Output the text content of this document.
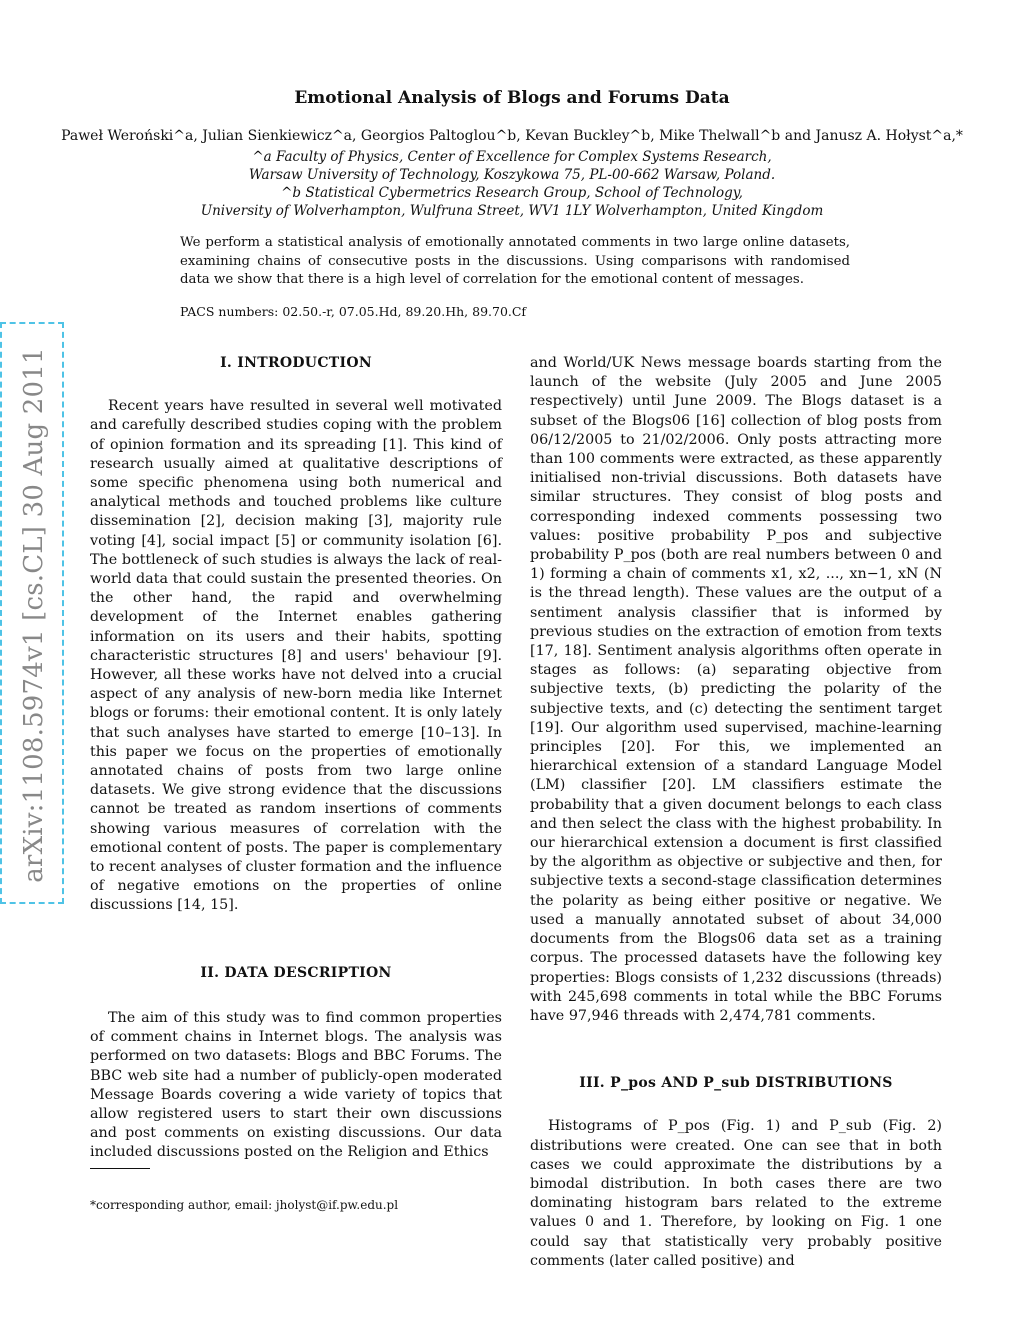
Emotional Analysis of Blogs and Forums Data
Paweł Weroński^a, Julian Sienkiewicz^a, Georgios Paltoglou^b, Kevan Buckley^b, Mike Thelwall^b and Janusz A. Hołyst^a,*
^a Faculty of Physics, Center of Excellence for Complex Systems Research,
Warsaw University of Technology, Koszykowa 75, PL-00-662 Warsaw, Poland.
^b Statistical Cybermetrics Research Group, School of Technology,
University of Wolverhampton, Wulfruna Street, WV1 1LY Wolverhampton, United Kingdom
We perform a statistical analysis of emotionally annotated comments in two large online datasets, examining chains of consecutive posts in the discussions. Using comparisons with randomised data we show that there is a high level of correlation for the emotional content of messages.
PACS numbers: 02.50.-r, 07.05.Hd, 89.20.Hh, 89.70.Cf
arXiv:1108.5974v1 [cs.CL] 30 Aug 2011	I. INTRODUCTION

Recent years have resulted in several well motivated and carefully described studies coping with the problem of opinion formation and its spreading [1]. This kind of research usually aimed at qualitative descriptions of some specific phenomena using both numerical and analytical methods and touched problems like culture dissemination [2], decision making [3], majority rule voting [4], social impact [5] or community isolation [6]. The bottleneck of such studies is always the lack of real-world data that could sustain the presented theories. On the other hand, the rapid and overwhelming development of the Internet enables gathering information on its users and their habits, spotting characteristic structures [8] and users' behaviour [9]. However, all these works have not delved into a crucial aspect of any analysis of new-born media like Internet blogs or forums: their emotional content. It is only lately that such analyses have started to emerge [10–13]. In this paper we focus on the properties of emotionally annotated chains of posts from two large online datasets. We give strong evidence that the discussions cannot be treated as random insertions of comments showing various measures of correlation with the emotional content of posts. The paper is complementary to recent analyses of cluster formation and the influence of negative emotions on the properties of online discussions [14, 15].

II. DATA DESCRIPTION

The aim of this study was to find common properties of comment chains in Internet blogs. The analysis was performed on two datasets: Blogs and BBC Forums. The BBC web site had a number of publicly-open moderated Message Boards covering a wide variety of topics that allow registered users to start their own discussions and post comments on existing discussions. Our data included discussions posted on the Religion and Ethics

and World/UK News message boards starting from the launch of the website (July 2005 and June 2005 respectively) until June 2009. The Blogs dataset is a subset of the Blogs06 [16] collection of blog posts from 06/12/2005 to 21/02/2006. Only posts attracting more than 100 comments were extracted, as these apparently initialised non-trivial discussions. Both datasets have similar structures. They consist of blog posts and corresponding indexed comments possessing two values: positive probability P_pos and subjective probability P_pos (both are real numbers between 0 and 1) forming a chain of comments x1, x2, ..., xn−1, xN (N is the thread length). These values are the output of a sentiment analysis classifier that is informed by previous studies on the extraction of emotion from texts [17, 18]. Sentiment analysis algorithms often operate in stages as follows: (a) separating objective from subjective texts, (b) predicting the polarity of the subjective texts, and (c) detecting the sentiment target [19]. Our algorithm used supervised, machine-learning principles [20]. For this, we implemented an hierarchical extension of a standard Language Model (LM) classifier [20]. LM classifiers estimate the probability that a given document belongs to each class and then select the class with the highest probability. In our hierarchical extension a document is first classified by the algorithm as objective or subjective and then, for subjective texts a second-stage classification determines the polarity as being either positive or negative. We used a manually annotated subset of about 34,000 documents from the Blogs06 data set as a training corpus. The processed datasets have the following key properties: Blogs consists of 1,232 discussions (threads) with 245,698 comments in total while the BBC Forums have 97,946 threads with 2,474,781 comments.

III. P_pos AND P_sub DISTRIBUTIONS

Histograms of P_pos (Fig. 1) and P_sub (Fig. 2) distributions were created. One can see that in both cases we could approximate the distributions by a bimodal distribution. In both cases there are two dominating histogram bars related to the extreme values 0 and 1. Therefore, by looking on Fig. 1 one could say that statistically very probably positive comments (later called positive) and

*corresponding author, email: jholyst@if.pw.edu.pl
